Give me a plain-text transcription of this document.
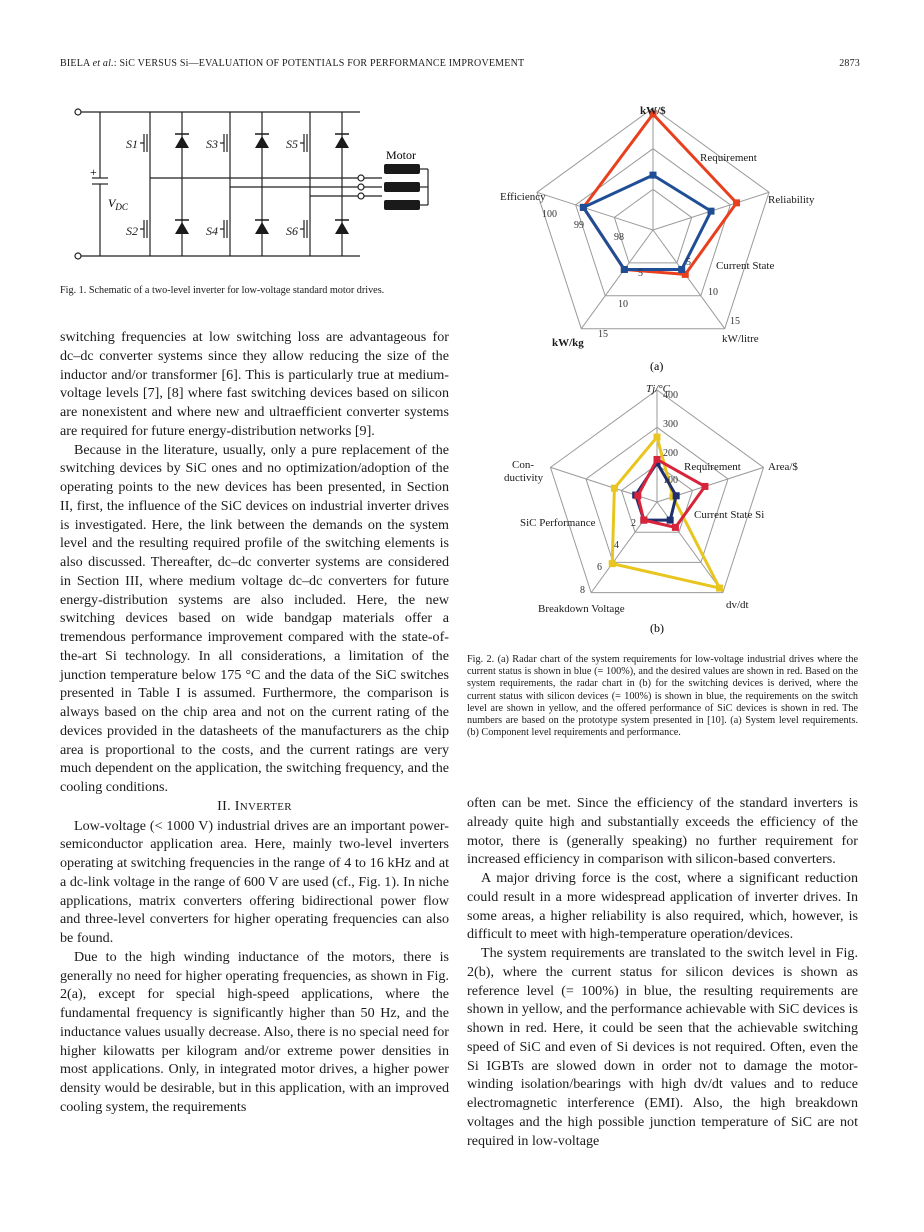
BIELA et al.: SiC VERSUS Si—EVALUATION OF POTENTIALS FOR PERFORMANCE IMPROVEMENT	2873
S1	S3	S5
S2	S4	S6
+
$V_{DC}$
Motor
Fig. 1. Schematic of a two-level inverter for low-voltage standard motor drives.
kW/$
Reliability
kW/litre
kW/kg
Efficiency
Requirement
Current State
100
99
98
5
10
15
5
10
15
(a)
Tj/°C
Area/$
dv/dt
Breakdown Voltage
SiC Performance
Con-
ductivity
Requirement
Current State Si
400
300
200
100
2
4
6
8
(b)
Fig. 2. (a) Radar chart of the system requirements for low-voltage industrial drives where the current status is shown in blue (= 100%), and the desired values are shown in red. Based on the system requirements, the radar chart in (b) for the switching devices is derived, where the current status with silicon devices (= 100%) is shown in blue, the requirements on the switch level are shown in yellow, and the offered performance of SiC devices is shown in red. The numbers are based on the prototype system presented in [10]. (a) System level requirements. (b) Component level requirements and performance.

switching frequencies at low switching loss are advantageous for dc–dc converter systems since they allow reducing the size of the inductor and/or transformer [6]. This is particularly true at medium-voltage levels [7], [8] where fast switching devices based on silicon are nonexistent and where new and ultraefficient converter systems are required for future energy-distribution networks [9].

Because in the literature, usually, only a pure replacement of the switching devices by SiC ones and no optimization/adoption of the operating points to the new devices has been presented, in Section II, first, the influence of the SiC devices on industrial inverter drives is investigated. Here, the link between the demands on the system level and the resulting required profile of the switching elements is also discussed. Thereafter, dc–dc converter systems are considered in Section III, where medium voltage dc–dc converters for future energy-distribution systems are also included. Here, the new switching devices based on wide bandgap materials offer a tremendous performance improvement compared with the state-of-the-art Si technology. In all considerations, a limitation of the junction temperature below 175 °C and the data of the SiC switches presented in Table I is assumed. Furthermore, the comparison is always based on the chip area and not on the current rating of the devices provided in the datasheets of the manufacturers as the chip area is proportional to the costs, and the current ratings are very much dependent on the application, the switching frequency, and the cooling conditions.

II. INVERTER

Low-voltage (< 1000 V) industrial drives are an important power-semiconductor application area. Here, mainly two-level inverters operating at switching frequencies in the range of 4 to 16 kHz and at a dc-link voltage in the range of 600 V are used (cf., Fig. 1). In niche applications, matrix converters offering bidirectional power flow and three-level converters for higher operating frequencies can also be found.

Due to the high winding inductance of the motors, there is generally no need for higher operating frequencies, as shown in Fig. 2(a), except for special high-speed applications, where the fundamental frequency is significantly higher than 50 Hz, and the inductance values usually decrease. Also, there is no special need for higher kilowatts per kilogram and/or extreme power densities in most applications. Only, in integrated motor drives, a higher power density would be desirable, but in this application, with an improved cooling system, the requirements

often can be met. Since the efficiency of the standard inverters is already quite high and substantially exceeds the efficiency of the motor, there is (generally speaking) no further requirement for increased efficiency in comparison with silicon-based converters.

A major driving force is the cost, where a significant reduction could result in a more widespread application of inverter drives. In some areas, a higher reliability is also required, which, however, is difficult to meet with high-temperature operation/devices.

The system requirements are translated to the switch level in Fig. 2(b), where the current status for silicon devices is shown as reference level (= 100%) in blue, the resulting requirements are shown in yellow, and the performance achievable with SiC devices is shown in red. Here, it could be seen that the achievable switching speed of SiC and even of Si devices is not required. Often, even the Si IGBTs are slowed down in order not to damage the motor-winding isolation/bearings with high dv/dt values and to reduce electromagnetic interference (EMI). Also, the high breakdown voltages and the high possible junction temperature of SiC are not required in low-voltage
